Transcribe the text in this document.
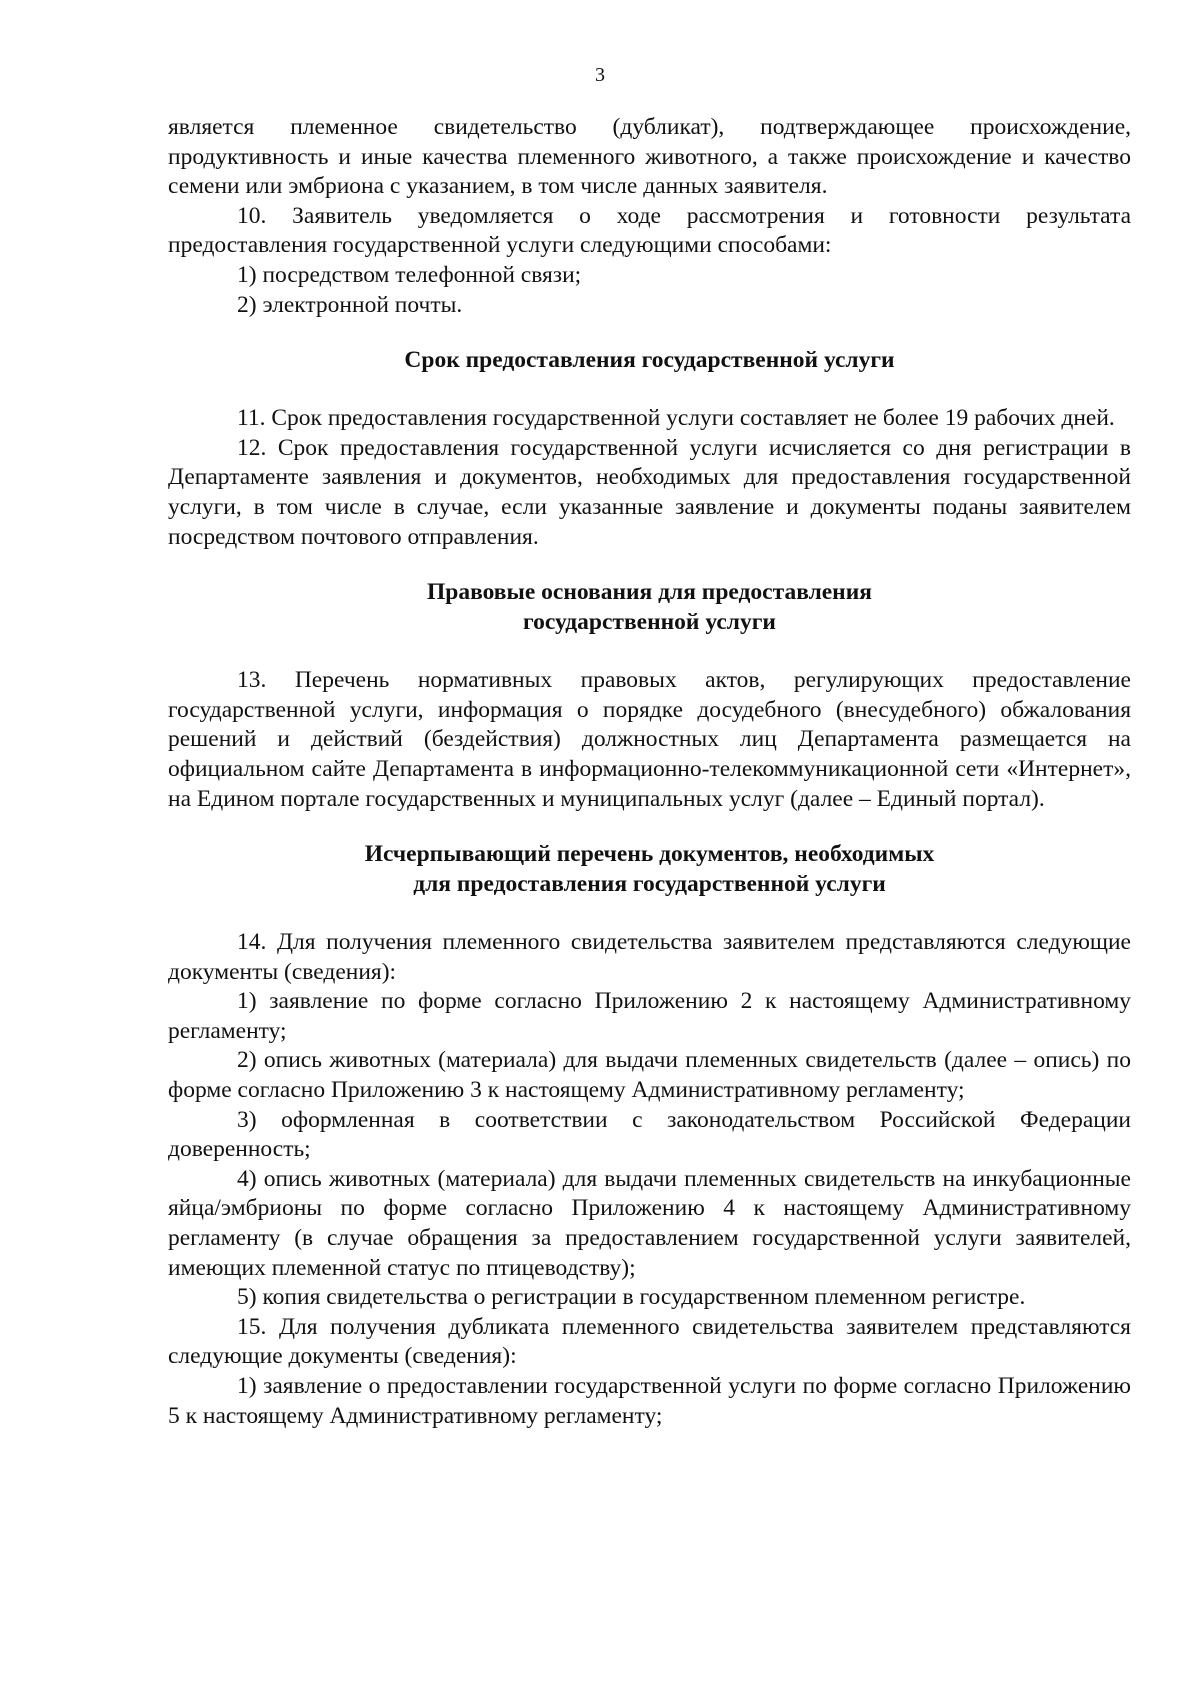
3

является племенное свидетельство (дубликат), подтверждающее происхождение, продуктивность и иные качества племенного животного, а также происхождение и качество семени или эмбриона с указанием, в том числе данных заявителя.

10. Заявитель уведомляется о ходе рассмотрения и готовности результата предоставления государственной услуги следующими способами:

1) посредством телефонной связи;

2) электронной почты.

Срок предоставления государственной услуги

11. Срок предоставления государственной услуги составляет не более 19 рабочих дней.

12. Срок предоставления государственной услуги исчисляется со дня регистрации в Департаменте заявления и документов, необходимых для предоставления государственной услуги, в том числе в случае, если указанные заявление и документы поданы заявителем посредством почтового отправления.

Правовые основания для предоставления
государственной услуги

13. Перечень нормативных правовых актов, регулирующих предоставление государственной услуги, информация о порядке досудебного (внесудебного) обжалования решений и действий (бездействия) должностных лиц Департамента размещается на официальном сайте Департамента в информационно-телекоммуникационной сети «Интернет», на Едином портале государственных и муниципальных услуг (далее – Единый портал).

Исчерпывающий перечень документов, необходимых
для предоставления государственной услуги

14. Для получения племенного свидетельства заявителем представляются следующие документы (сведения):

1) заявление по форме согласно Приложению 2 к настоящему Административному регламенту;

2) опись животных (материала) для выдачи племенных свидетельств (далее – опись) по форме согласно Приложению 3 к настоящему Административному регламенту;

3) оформленная в соответствии с законодательством Российской Федерации доверенность;

4) опись животных (материала) для выдачи племенных свидетельств на инкубационные яйца/эмбрионы по форме согласно Приложению 4 к настоящему Административному регламенту (в случае обращения за предоставлением государственной услуги заявителей, имеющих племенной статус по птицеводству);

5) копия свидетельства о регистрации в государственном племенном регистре.

15. Для получения дубликата племенного свидетельства заявителем представляются следующие документы (сведения):

1) заявление о предоставлении государственной услуги по форме согласно Приложению 5 к настоящему Административному регламенту;
